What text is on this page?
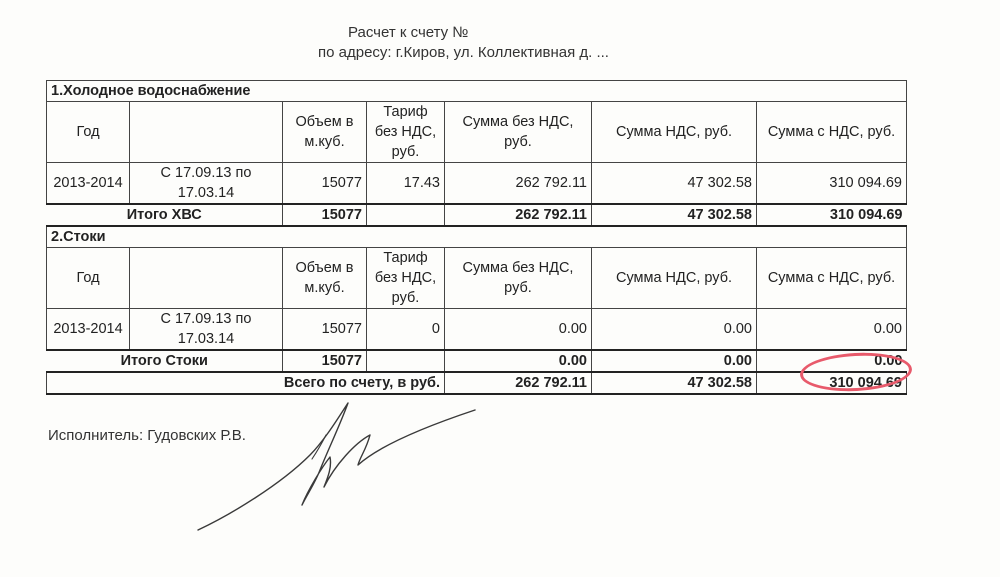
Расчет к счету №
по адресу: г.Киров, ул. Коллективная д. ...
1.Холодное водоснабжение						
Год		Объем в м.куб.	Тариф без НДС, руб.	Сумма без НДС, руб.	Сумма НДС, руб.	Сумма с НДС, руб.
2013-2014	С 17.09.13 по 17.03.14	15077	17.43	262 792.11	47 302.58	310 094.69
Итого ХВС		15077		262 792.11	47 302.58	310 094.69
2.Стоки						
Год		Объем в м.куб.	Тариф без НДС, руб.	Сумма без НДС, руб.	Сумма НДС, руб.	Сумма с НДС, руб.
2013-2014	С 17.09.13 по 17.03.14	15077	0	0.00	0.00	0.00
Итого Стоки		15077		0.00	0.00	0.00
Всего по счету, в руб.				262 792.11	47 302.58	310 094.69
Исполнитель: Гудовских Р.В.
